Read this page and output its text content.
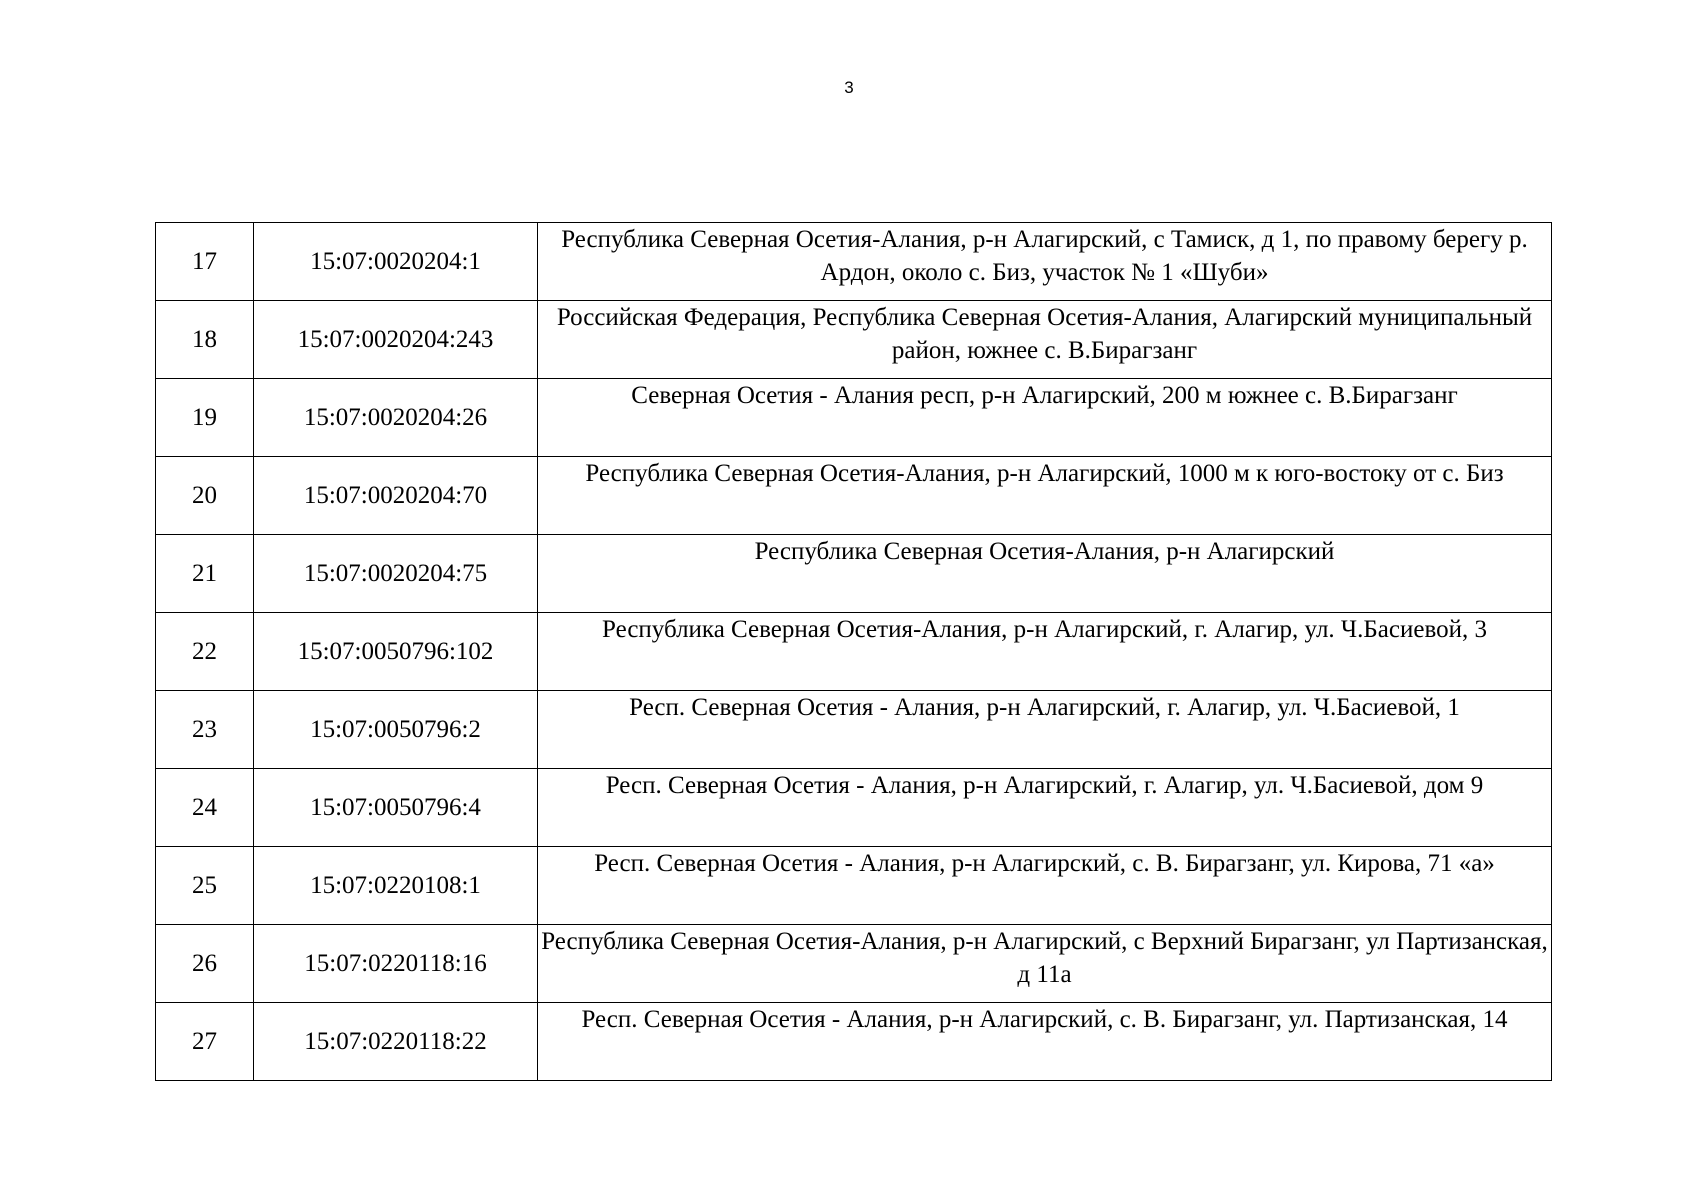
3
17	15:07:0020204:1	Республика Северная Осетия-Алания, р-н Алагирский, с Тамиск, д 1, по правому берегу р. Ардон, около с. Биз, участок № 1 «Шуби»
18	15:07:0020204:243	Российская Федерация, Республика Северная Осетия-Алания, Алагирский муниципальный район, южнее с. В.Бирагзанг
19	15:07:0020204:26	Северная Осетия - Алания респ, р-н Алагирский, 200 м южнее с. В.Бирагзанг
20	15:07:0020204:70	Республика Северная Осетия-Алания, р-н Алагирский, 1000 м к юго-востоку от с. Биз
21	15:07:0020204:75	Республика Северная Осетия-Алания, р-н Алагирский
22	15:07:0050796:102	Республика Северная Осетия-Алания, р-н Алагирский, г. Алагир, ул. Ч.Басиевой, 3
23	15:07:0050796:2	Респ. Северная Осетия - Алания, р-н Алагирский, г. Алагир, ул. Ч.Басиевой, 1
24	15:07:0050796:4	Респ. Северная Осетия - Алания, р-н Алагирский, г. Алагир, ул. Ч.Басиевой, дом 9
25	15:07:0220108:1	Респ. Северная Осетия - Алания, р-н Алагирский, с. В. Бирагзанг, ул. Кирова, 71 «а»
26	15:07:0220118:16	Республика Северная Осетия-Алания, р-н Алагирский, с Верхний Бирагзанг, ул Партизанская, д 11а
27	15:07:0220118:22	Респ. Северная Осетия - Алания, р-н Алагирский, с. В. Бирагзанг, ул. Партизанская, 14
